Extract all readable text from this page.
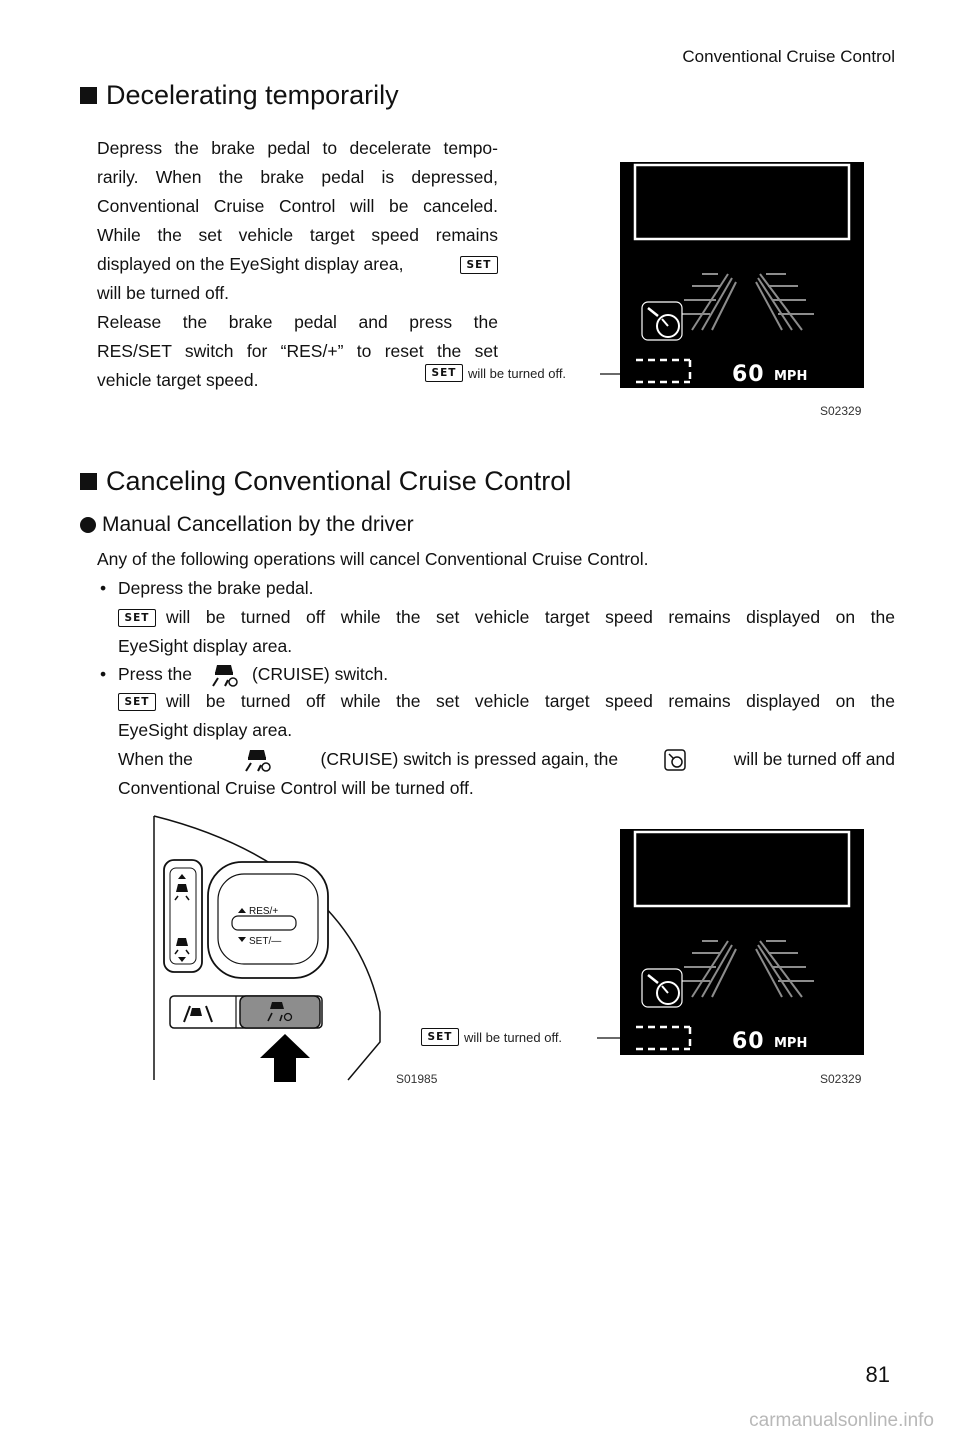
Conventional Cruise Control
Decelerating temporarily
Depress the brake pedal to decelerate tempo-
rarily. When the brake pedal is depressed,
Conventional Cruise Control will be canceled.
While the set vehicle target speed remains
displayed on the EyeSight display area,	SET
will be turned off.
Release the brake pedal and press the
RES/SET switch for “RES/+” to reset the set
vehicle target speed.	SET will be turned off.	60 MPH
S02329
Canceling Conventional Cruise Control
Manual Cancellation by the driver
Any of the following operations will cancel Conventional Cruise Control.
• Depress the brake pedal.
SET will be turned off while the set vehicle target speed remains displayed on the
EyeSight display area.
• Press the	(CRUISE) switch.
SET will be turned off while the set vehicle target speed remains displayed on the
EyeSight display area.
When the	(CRUISE) switch is pressed again, the	will be turned off and
Conventional Cruise Control will be turned off.
RES/+
SET/—
S01985
SET will be turned off.	60 MPH
S02329
81
carmanualsonline.info
